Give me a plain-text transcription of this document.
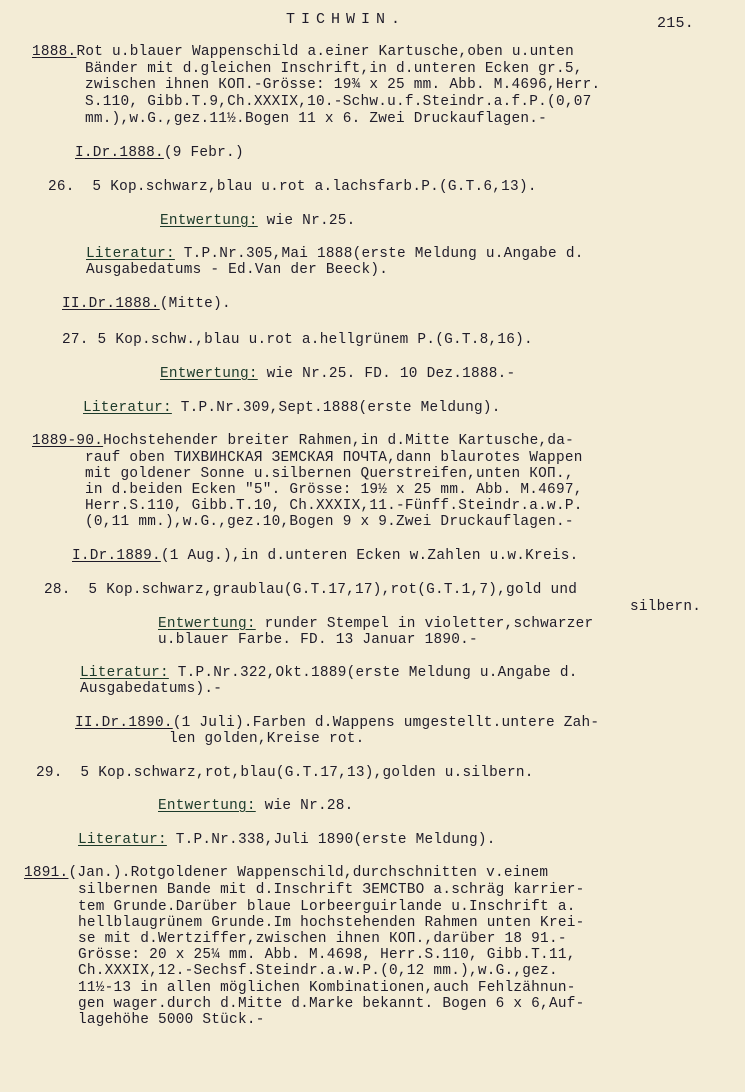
TICHWIN.	215.
1888.Rot u.blauer Wappenschild a.einer Kartusche,oben u.unten
Bänder mit d.gleichen Inschrift,in d.unteren Ecken gr.5,
zwischen ihnen КОП.-Grösse: 19¾ x 25 mm. Abb. M.4696,Herr.
S.110, Gibb.T.9,Ch.XXXIX,10.-Schw.u.f.Steindr.a.f.P.(0,07
mm.),w.G.,gez.11½.Bogen 11 x 6. Zwei Druckauflagen.-
I.Dr.1888.(9 Febr.)
26.  5 Kop.schwarz,blau u.rot a.lachsfarb.P.(G.T.6,13).
Entwertung: wie Nr.25.
Literatur: T.P.Nr.305,Mai 1888(erste Meldung u.Angabe d.
Ausgabedatums - Ed.Van der Beeck).
II.Dr.1888.(Mitte).
27. 5 Kop.schw.,blau u.rot a.hellgrünem P.(G.T.8,16).
Entwertung: wie Nr.25. FD. 10 Dez.1888.-
Literatur: T.P.Nr.309,Sept.1888(erste Meldung).
1889-90.Hochstehender breiter Rahmen,in d.Mitte Kartusche,da-
rauf oben ТИХВИНСКАЯ ЗЕМСКАЯ ПОЧТА,dann blaurotes Wappen
mit goldener Sonne u.silbernen Querstreifen,unten КОП.,
in d.beiden Ecken "5". Grösse: 19½ x 25 mm. Abb. M.4697,
Herr.S.110, Gibb.T.10, Ch.XXXIX,11.-Fünff.Steindr.a.w.P.
(0,11 mm.),w.G.,gez.10,Bogen 9 x 9.Zwei Druckauflagen.-
I.Dr.1889.(1 Aug.),in d.unteren Ecken w.Zahlen u.w.Kreis.
28.  5 Kop.schwarz,graublau(G.T.17,17),rot(G.T.1,7),gold und
silbern.
Entwertung: runder Stempel in violetter,schwarzer
u.blauer Farbe. FD. 13 Januar 1890.-
Literatur: T.P.Nr.322,Okt.1889(erste Meldung u.Angabe d.
Ausgabedatums).-
II.Dr.1890.(1 Juli).Farben d.Wappens umgestellt.untere Zah-
len golden,Kreise rot.
29.  5 Kop.schwarz,rot,blau(G.T.17,13),golden u.silbern.
Entwertung: wie Nr.28.
Literatur: T.P.Nr.338,Juli 1890(erste Meldung).
1891.(Jan.).Rotgoldener Wappenschild,durchschnitten v.einem
silbernen Bande mit d.Inschrift ЗЕМСТВО a.schräg karrier-
tem Grunde.Darüber blaue Lorbeerguirlande u.Inschrift a.
hellblaugrünem Grunde.Im hochstehenden Rahmen unten Krei-
se mit d.Wertziffer,zwischen ihnen КОП.,darüber 18 91.-
Grösse: 20 x 25¼ mm. Abb. M.4698, Herr.S.110, Gibb.T.11,
Ch.XXXIX,12.-Sechsf.Steindr.a.w.P.(0,12 mm.),w.G.,gez.
11½-13 in allen möglichen Kombinationen,auch Fehlzähnun-
gen wager.durch d.Mitte d.Marke bekannt. Bogen 6 x 6,Auf-
lagehöhe 5000 Stück.-
